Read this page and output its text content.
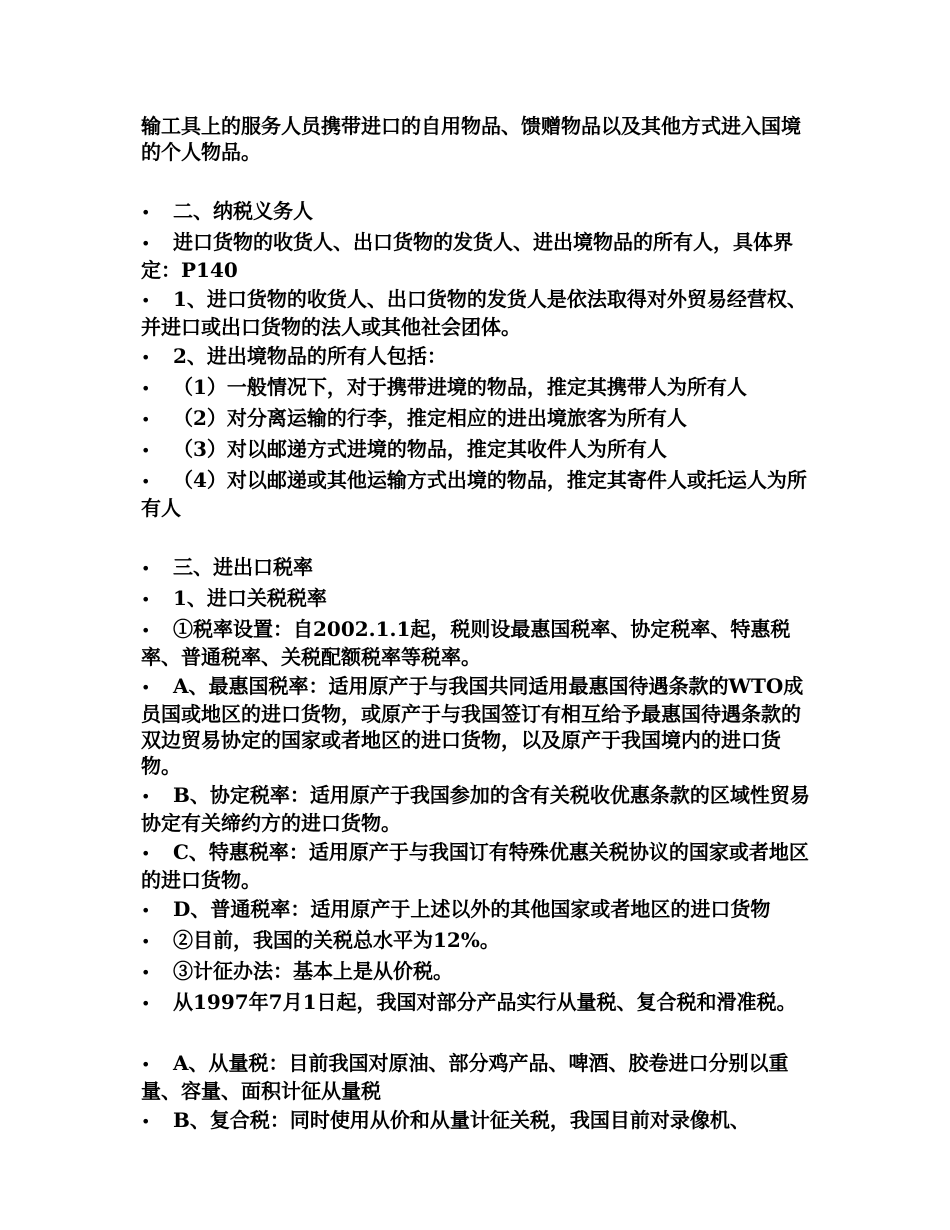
输工具上的服务人员携带进口的自用物品、馈赠物品以及其他方式进入国境的个人物品。

• 二、纳税义务人

• 进口货物的收货人、出口货物的发货人、进出境物品的所有人，具体界定：P140

• 1、进口货物的收货人、出口货物的发货人是依法取得对外贸易经营权、并进口或出口货物的法人或其他社会团体。

• 2、进出境物品的所有人包括：

• （1）一般情况下，对于携带进境的物品，推定其携带人为所有人

• （2）对分离运输的行李，推定相应的进出境旅客为所有人

• （3）对以邮递方式进境的物品，推定其收件人为所有人

• （4）对以邮递或其他运输方式出境的物品，推定其寄件人或托运人为所有人

• 三、进出口税率

• 1、进口关税税率

• ①税率设置：自2002.1.1起，税则设最惠国税率、协定税率、特惠税率、普通税率、关税配额税率等税率。

• A、最惠国税率：适用原产于与我国共同适用最惠国待遇条款的WTO成员国或地区的进口货物，或原产于与我国签订有相互给予最惠国待遇条款的双边贸易协定的国家或者地区的进口货物，以及原产于我国境内的进口货物。

• B、协定税率：适用原产于我国参加的含有关税收优惠条款的区域性贸易协定有关缔约方的进口货物。

• C、特惠税率：适用原产于与我国订有特殊优惠关税协议的国家或者地区的进口货物。

• D、普通税率：适用原产于上述以外的其他国家或者地区的进口货物

• ②目前，我国的关税总水平为12%。

• ③计征办法：基本上是从价税。

• 从1997年7月1日起，我国对部分产品实行从量税、复合税和滑准税。

• A、从量税：目前我国对原油、部分鸡产品、啤酒、胶卷进口分别以重量、容量、面积计征从量税

• B、复合税：同时使用从价和从量计征关税，我国目前对录像机、
